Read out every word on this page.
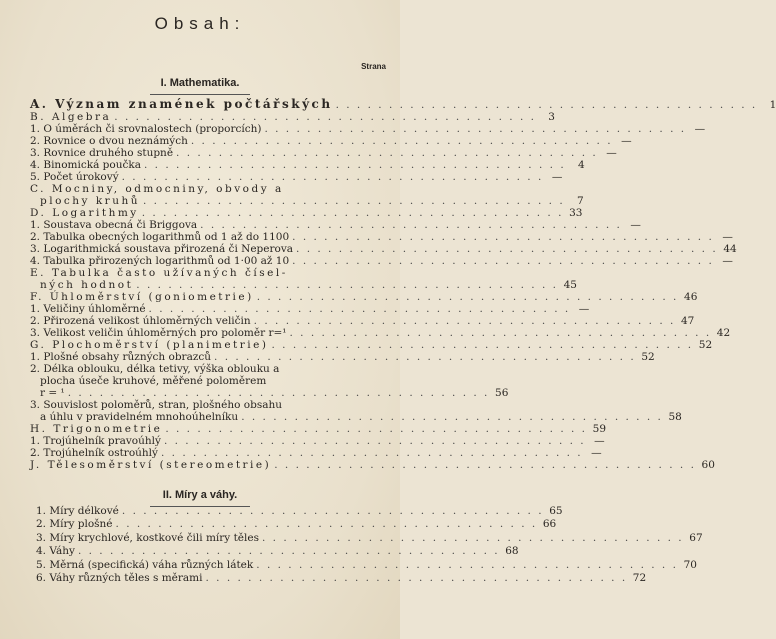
Obsah:
Strana
I. Mathematika.
A. Význam znamének počtářských . . .	1
B. Algebra . . .	3
1. O úměrách či srovnalostech (proporcích) . . .	—
2. Rovnice o dvou neznámých . . .	—
3. Rovnice druhého stupně . . .	—
4. Binomická poučka . . .	4
5. Počet úrokový . . .	—
C. Mocniny, odmocniny, obvody a
plochy kruhů . . .	7
D. Logarithmy . . .	33
1. Soustava obecná či Briggova . . .	—
2. Tabulka obecných logarithmů od 1 až do 1100 . . .	—
3. Logarithmická soustava přirozená či Neperova . . .	44
4. Tabulka přirozených logarithmů od 1·00 až 10 . . .	—
E. Tabulka často užívaných čísel-
ných hodnot . . .	45
F. Úhloměrství (goniometrie) . . .	46
1. Veličiny úhloměrné . . .	—
2. Přirozená velikost úhloměrných veličin . . .	47
3. Velikost veličin úhloměrných pro poloměr r=¹ . . .	42
G. Plochoměrství (planimetrie) . . .	52
1. Plošné obsahy různých obrazců . . .	52
2. Délka oblouku, délka tetivy, výška oblouku a
plocha úseče kruhové, měřené poloměrem
r = ¹ . . .	56
3. Souvislost poloměrů, stran, plošného obsahu
a úhlu v pravidelném mnohoúhelníku . . .	58
H. Trigonometrie . . .	59
1. Trojúhelník pravoúhlý . . .	—
2. Trojúhelník ostroúhlý . . .	—
J. Tělesoměrství (stereometrie) . . .	60
II. Míry a váhy.
1. Míry délkové . . .	65
2. Míry plošné . . .	66
3. Míry krychlové, kostkové čili míry těles . . .	67
4. Váhy . . .	68
5. Měrná (specifická) váha různých látek . . .	70
6. Váhy různých těles s měrami . . .	72
